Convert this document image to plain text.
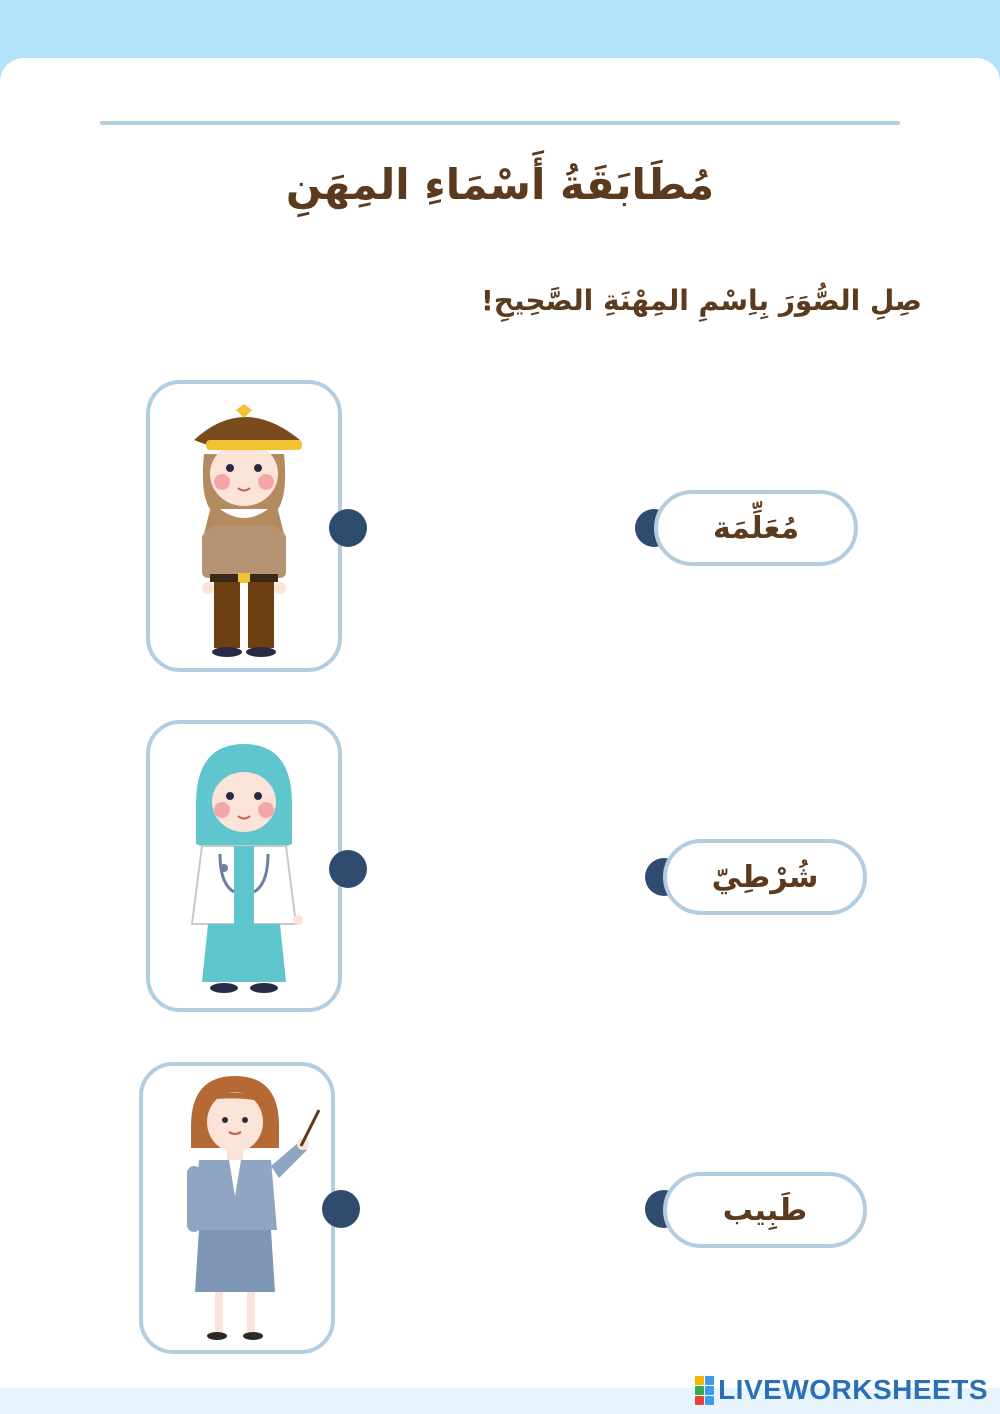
مُطَابَقَةُ أَسْمَاءِ المِهَنِ
صِلِ الصُّوَرَ بِاِسْمِ المِهْنَةِ الصَّحِيحِ!
مُعَلِّمَة
شُرْطِيّ
طَبِيب
LIVEWORKSHEETS
